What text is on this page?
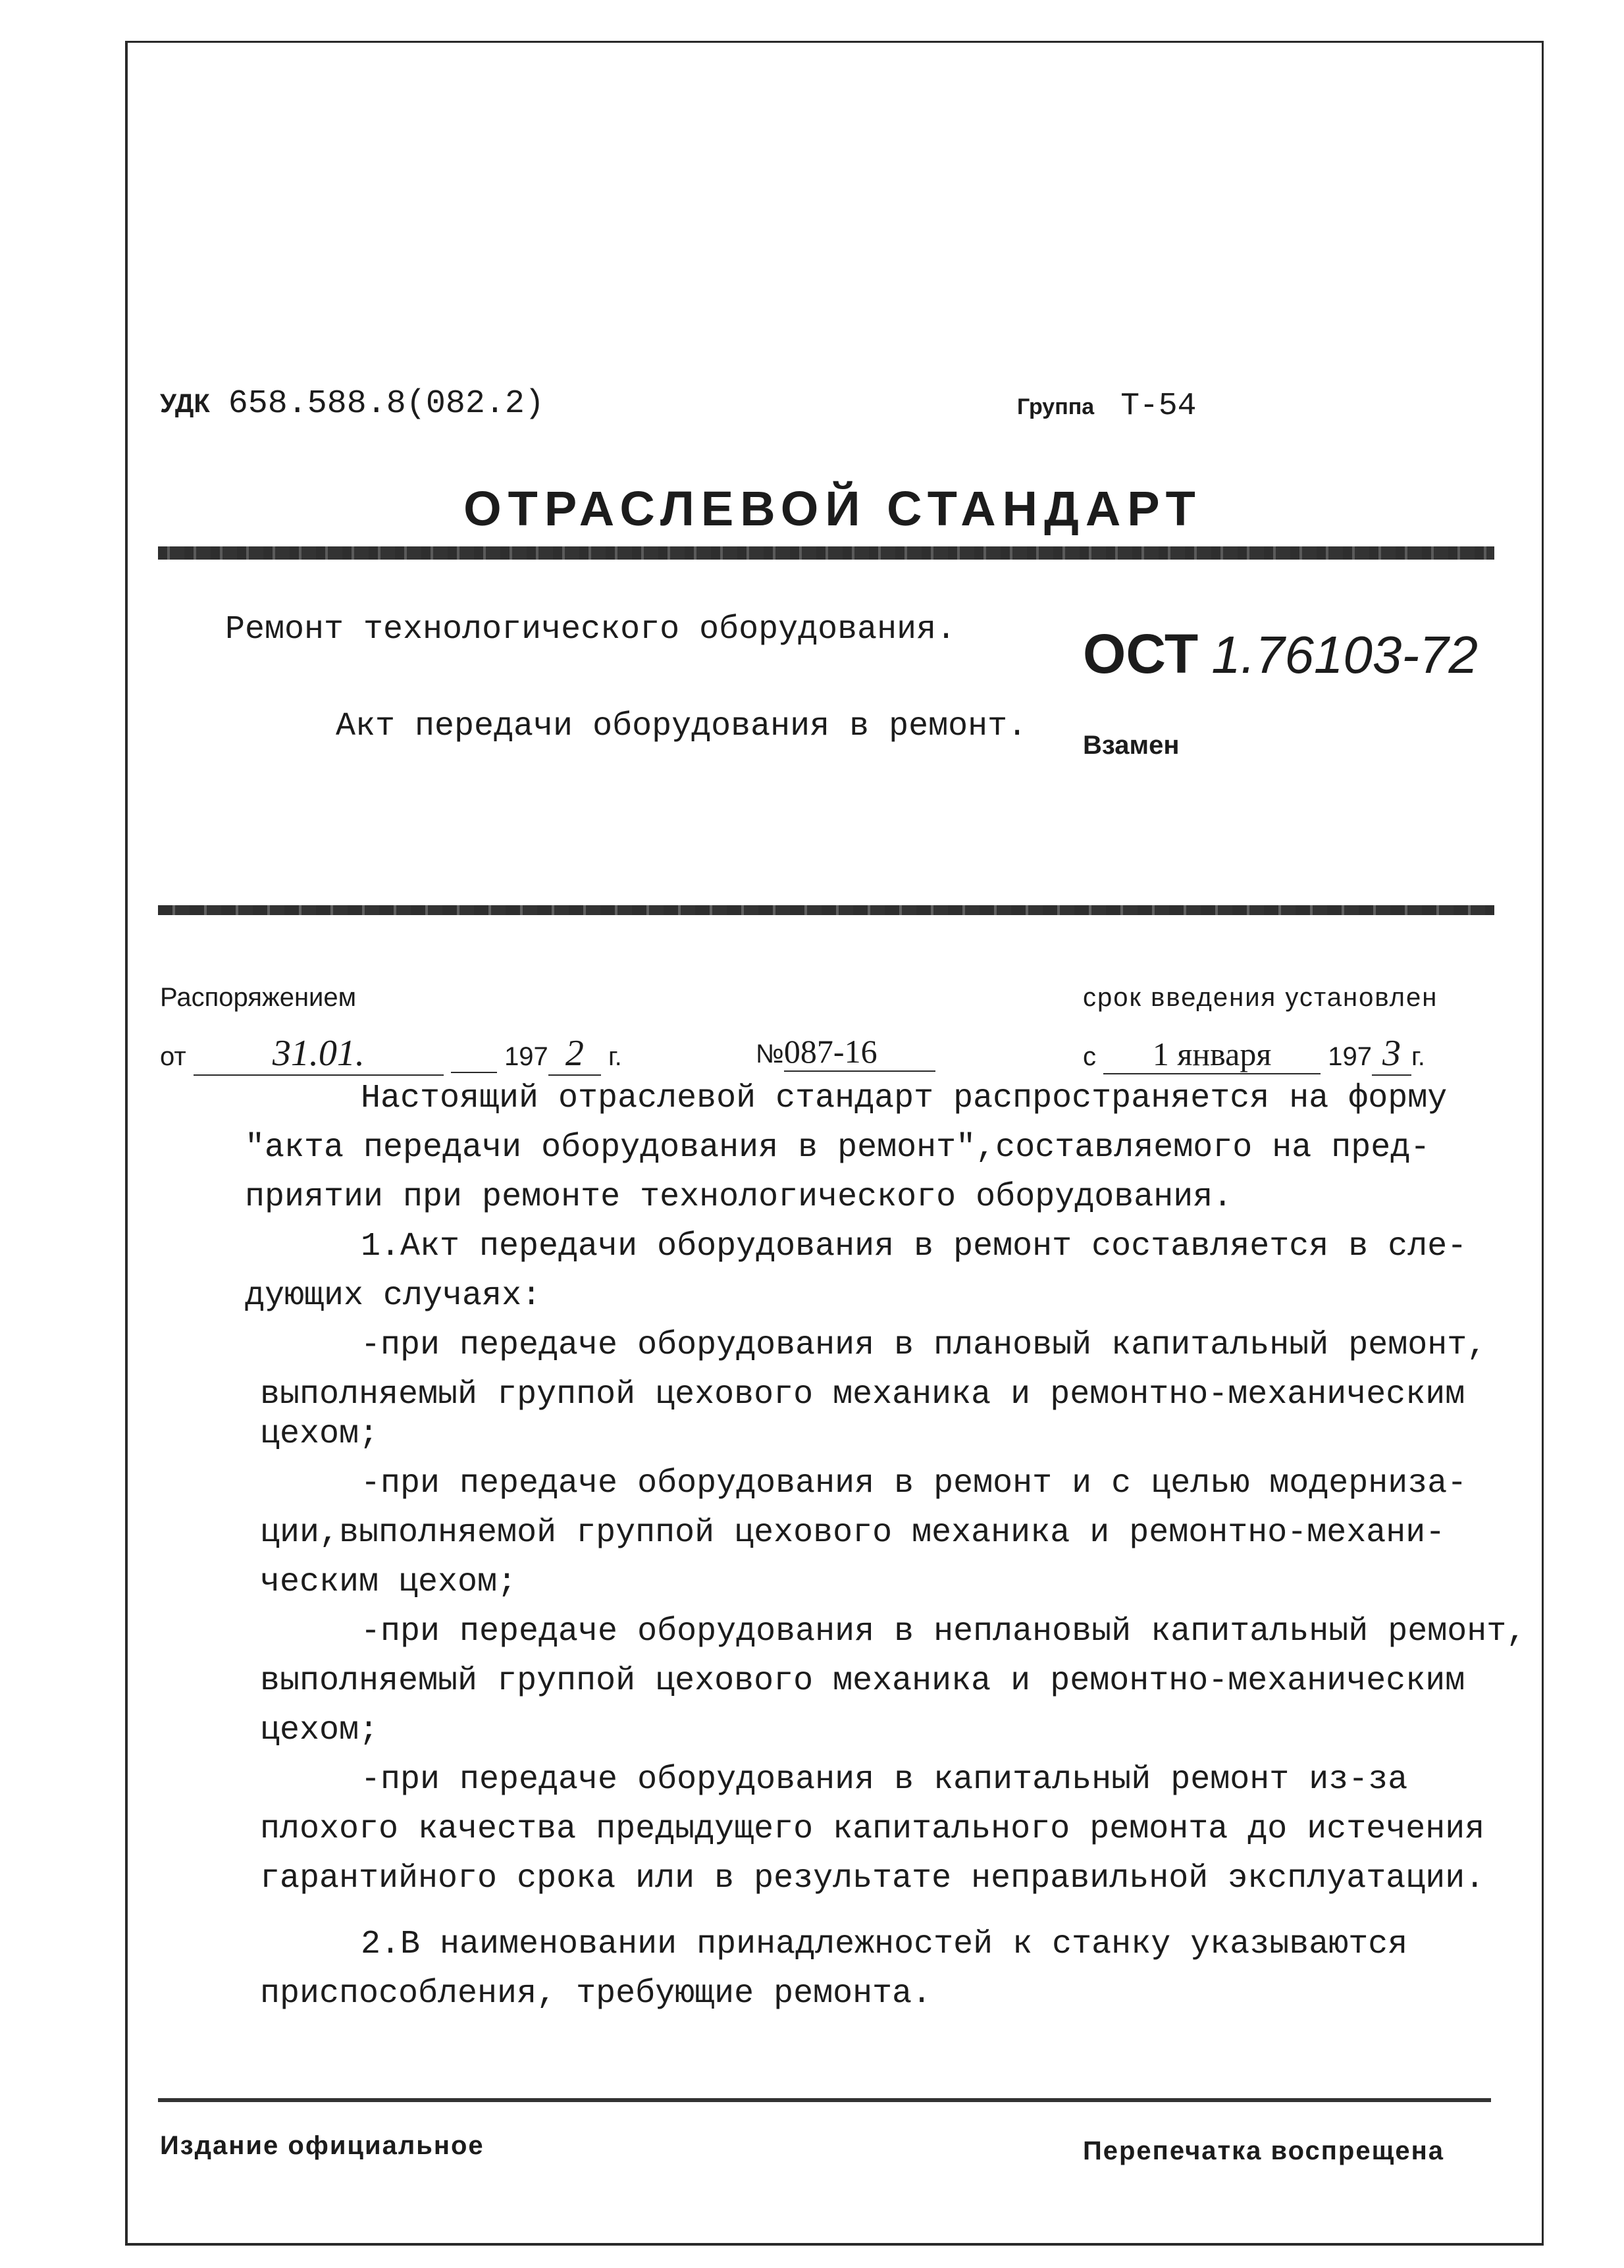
УДК 658.588.8(082.2)	Группа Т-54
ОТРАСЛЕВОЙ СТАНДАРТ
Ремонт технологического оборудования.
Акт передачи оборудования в ремонт.
ОСТ 1.76103-72
Взамен
Распоряжением	срок введения установлен
от 31.01.	197 2 г.	№087-16	с 1 января 197 3 г.
Настоящий отраслевой стандарт распространяется на форму
"акта передачи оборудования в ремонт",составляемого на пред-
приятии при ремонте технологического оборудования.
1.Акт передачи оборудования в ремонт составляется в сле-
дующих случаях:
-при передаче оборудования в плановый капитальный ремонт,
выполняемый группой цехового механика и ремонтно-механическим
цехом;
-при передаче оборудования в ремонт и с целью модерниза-
ции,выполняемой группой цехового механика и ремонтно-механи-
ческим цехом;
-при передаче оборудования в неплановый капитальный ремонт,
выполняемый группой цехового механика и ремонтно-механическим
цехом;
-при передаче оборудования в капитальный ремонт из-за
плохого качества предыдущего капитального ремонта до истечения
гарантийного срока или в результате неправильной эксплуатации.
2.В наименовании принадлежностей к станку указываются
приспособления, требующие ремонта.
Издание официальное	Перепечатка воспрещена
